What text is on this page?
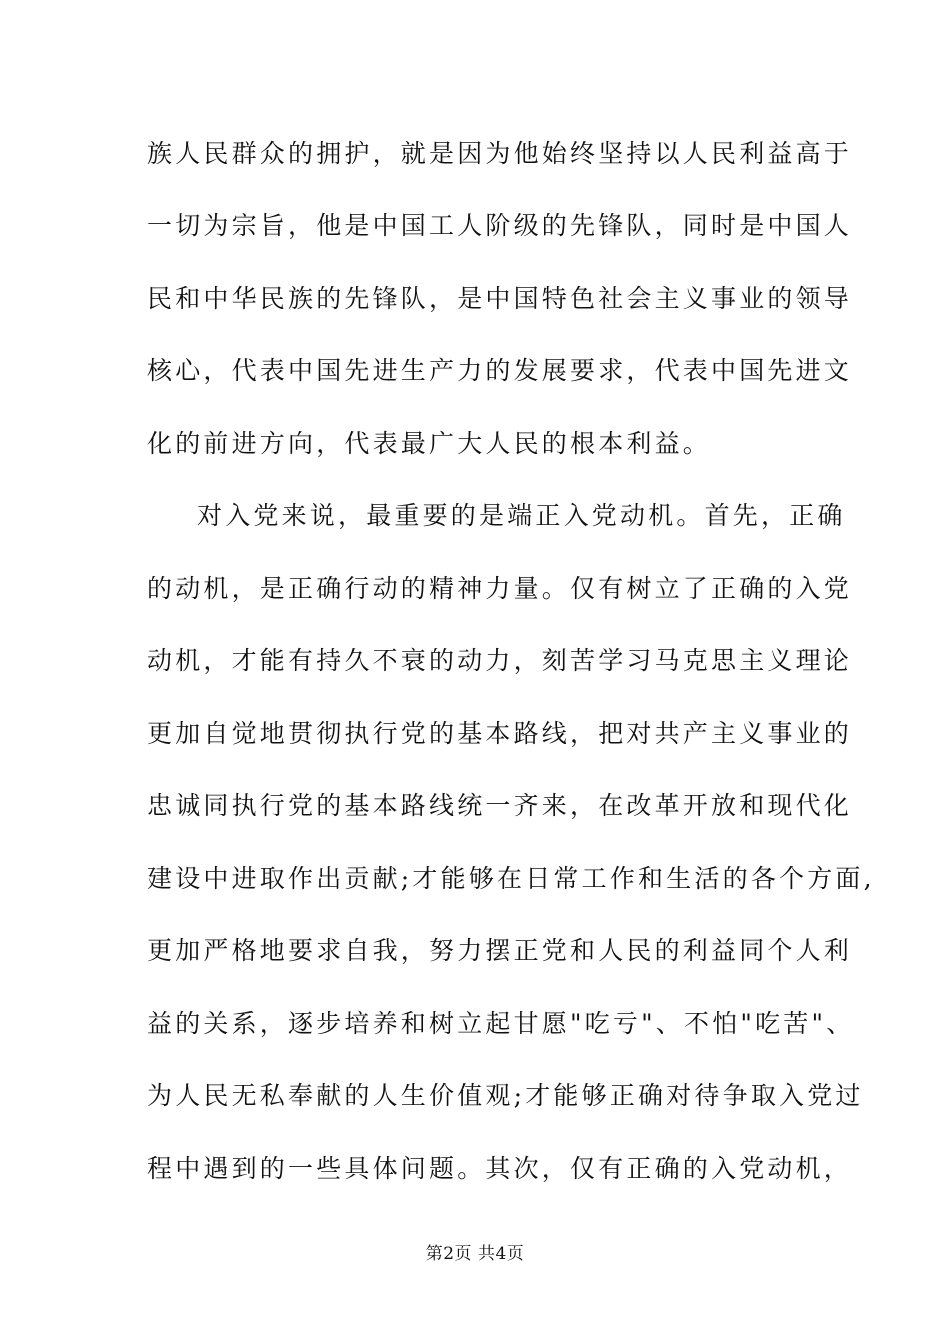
族人民群众的拥护，就是因为他始终坚持以人民利益高于
一切为宗旨，他是中国工人阶级的先锋队，同时是中国人
民和中华民族的先锋队，是中国特色社会主义事业的领导
核心，代表中国先进生产力的发展要求，代表中国先进文
化的前进方向，代表最广大人民的根本利益。
对入党来说，最重要的是端正入党动机。首先，正确
的动机，是正确行动的精神力量。仅有树立了正确的入党
动机，才能有持久不衰的动力，刻苦学习马克思主义理论
更加自觉地贯彻执行党的基本路线，把对共产主义事业的
忠诚同执行党的基本路线统一齐来，在改革开放和现代化
建设中进取作出贡献;才能够在日常工作和生活的各个方面,
更加严格地要求自我，努力摆正党和人民的利益同个人利
益的关系，逐步培养和树立起甘愿"吃亏"、不怕"吃苦"、
为人民无私奉献的人生价值观;才能够正确对待争取入党过
程中遇到的一些具体问题。其次，仅有正确的入党动机，
第2页 共4页
